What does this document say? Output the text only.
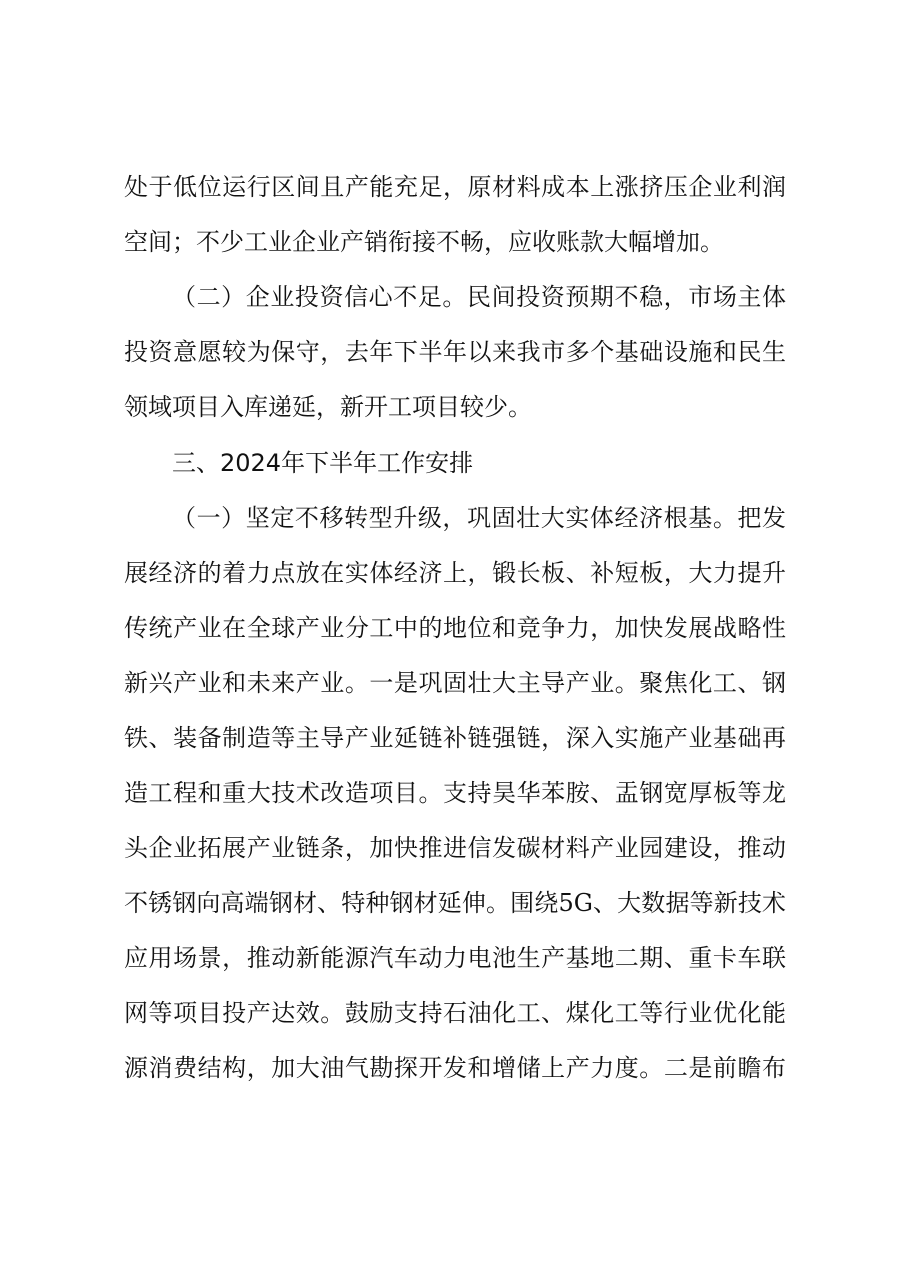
处于低位运行区间且产能充足，原材料成本上涨挤压企业利润
空间；不少工业企业产销衔接不畅，应收账款大幅增加。
（二）企业投资信心不足。民间投资预期不稳，市场主体
投资意愿较为保守，去年下半年以来我市多个基础设施和民生
领域项目入库递延，新开工项目较少。
三、2024年下半年工作安排
（一）坚定不移转型升级，巩固壮大实体经济根基。把发
展经济的着力点放在实体经济上，锻长板、补短板，大力提升
传统产业在全球产业分工中的地位和竞争力，加快发展战略性
新兴产业和未来产业。一是巩固壮大主导产业。聚焦化工、钢
铁、装备制造等主导产业延链补链强链，深入实施产业基础再
造工程和重大技术改造项目。支持昊华苯胺、盂钢宽厚板等龙
头企业拓展产业链条，加快推进信发碳材料产业园建设，推动
不锈钢向高端钢材、特种钢材延伸。围绕5G、大数据等新技术
应用场景，推动新能源汽车动力电池生产基地二期、重卡车联
网等项目投产达效。鼓励支持石油化工、煤化工等行业优化能
源消费结构，加大油气勘探开发和增储上产力度。二是前瞻布
